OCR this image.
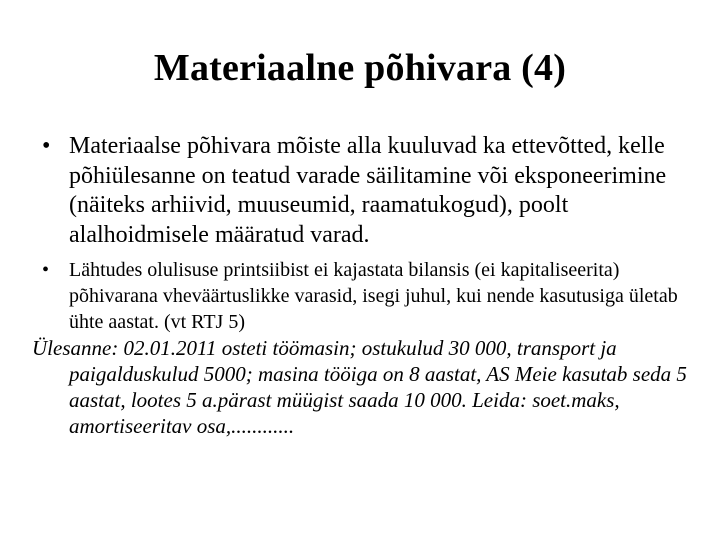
Materiaalne põhivara (4)
• Materiaalse põhivara mõiste alla kuuluvad ka ettevõtted, kelle põhiülesanne on teatud varade säilitamine või eksponeerimine (näiteks arhiivid, muuseumid, raamatukogud), poolt alalhoidmisele määratud varad.
• Lähtudes olulisuse printsiibist ei kajastata bilansis (ei kapitaliseerita) põhivarana vheväärtuslikke varasid, isegi juhul, kui nende kasutusiga ületab ühte aastat. (vt RTJ 5)
Ülesanne: 02.01.2011 osteti töömasin; ostukulud 30 000, transport ja paigalduskulud 5000; masina tööiga on 8 aastat, AS Meie kasutab seda 5 aastat, lootes 5 a.pärast müügist saada 10 000. Leida: soet.maks, amortiseeritav osa,............
